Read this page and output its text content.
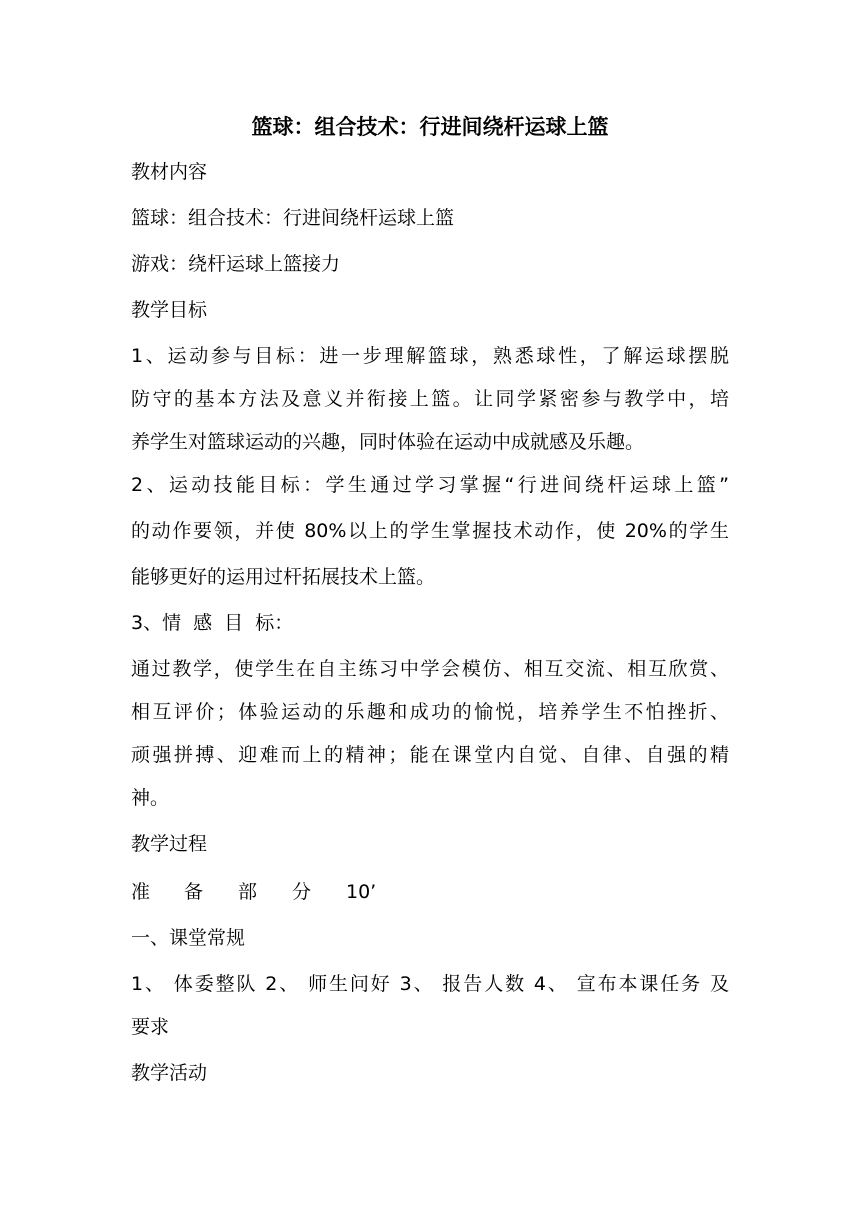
篮球：组合技术：行进间绕杆运球上篮
教材内容
篮球：组合技术：行进间绕杆运球上篮
游戏：绕杆运球上篮接力
教学目标
1、运动参与目标：进一步理解篮球，熟悉球性，了解运球摆脱
防守的基本方法及意义并衔接上篮。让同学紧密参与教学中，培
养学生对篮球运动的兴趣，同时体验在运动中成就感及乐趣。
2、运动技能目标：学生通过学习掌握“行进间绕杆运球上篮”
的动作要领，并使 80%以上的学生掌握技术动作，使 20%的学生
能够更好的运用过杆拓展技术上篮。
3、情 感 目 标：
通过教学，使学生在自主练习中学会模仿、相互交流、相互欣赏、
相互评价；体验运动的乐趣和成功的愉悦，培养学生不怕挫折、
顽强拼搏、迎难而上的精神；能在课堂内自觉、自律、自强的精
神。
教学过程
准 备 部 分 10’
一、课堂常规
1、 体委整队 2、 师生问好 3、 报告人数 4、 宣布本课任务 及
要求
教学活动
